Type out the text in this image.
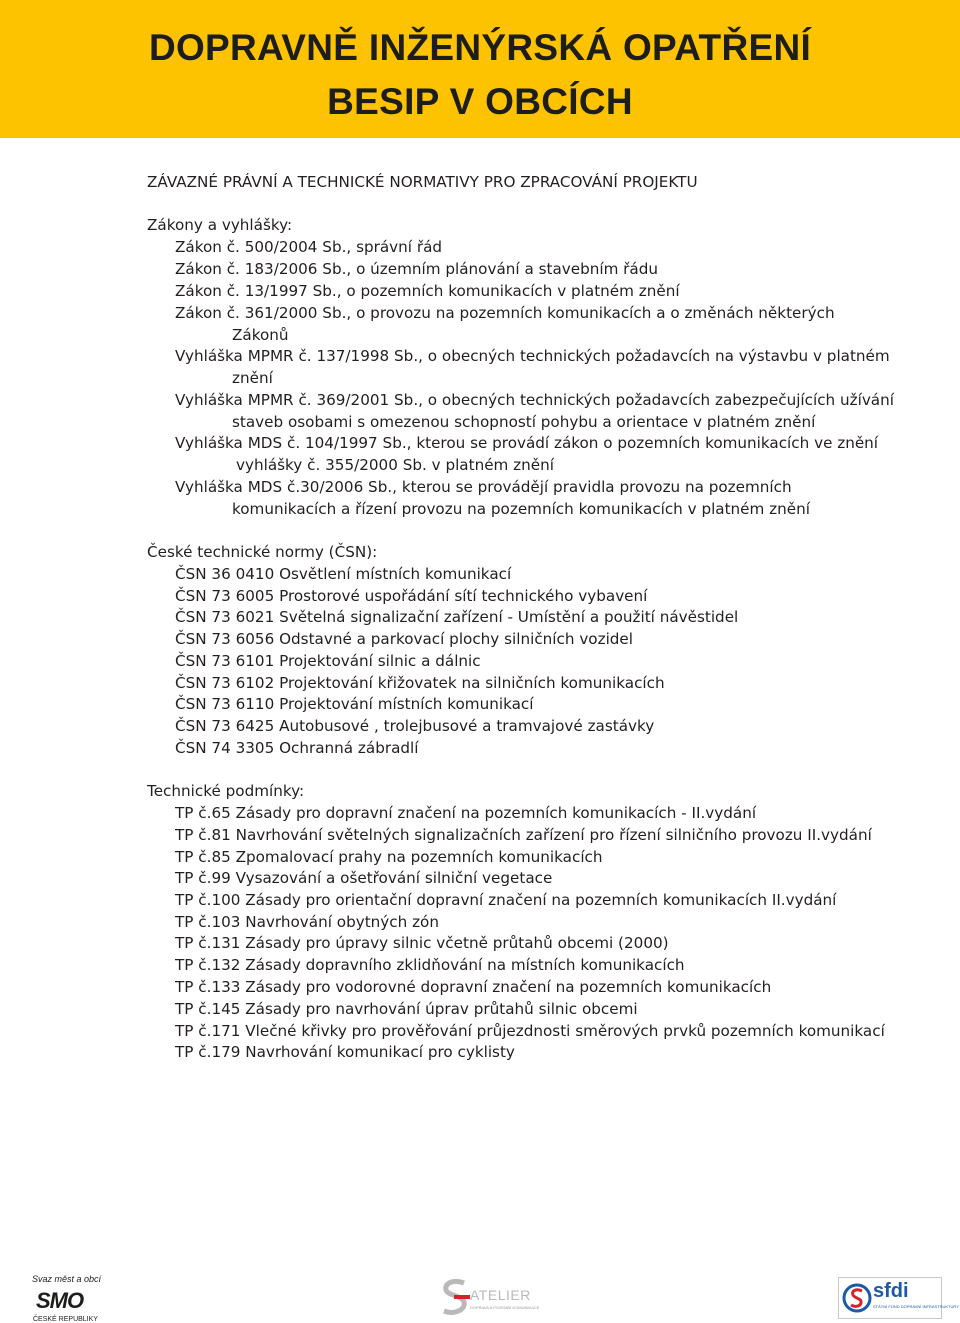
DOPRAVNĚ INŽENÝRSKÁ OPATŘENÍ
BESIP V OBCÍCH
ZÁVAZNÉ PRÁVNÍ A TECHNICKÉ NORMATIVY PRO ZPRACOVÁNÍ PROJEKTU
Zákony a vyhlášky:
Zákon č. 500/2004 Sb., správní řád
Zákon č. 183/2006 Sb., o územním plánování a stavebním řádu
Zákon č. 13/1997 Sb., o pozemních komunikacích v platném znění
Zákon č. 361/2000 Sb., o provozu na pozemních komunikacích a o změnách některých
Zákonů
Vyhláška MPMR č. 137/1998 Sb., o obecných technických požadavcích na výstavbu v platném
znění
Vyhláška MPMR č. 369/2001 Sb., o obecných technických požadavcích zabezpečujících užívání
staveb osobami s omezenou schopností pohybu a orientace v platném znění
Vyhláška MDS č. 104/1997 Sb., kterou se provádí zákon o pozemních komunikacích ve znění
vyhlášky č. 355/2000 Sb. v platném znění
Vyhláška MDS č.30/2006 Sb., kterou se provádějí pravidla provozu na pozemních
komunikacích a řízení provozu na pozemních komunikacích v platném znění
České technické normy (ČSN):
ČSN 36 0410 Osvětlení místních komunikací
ČSN 73 6005 Prostorové uspořádání sítí technického vybavení
ČSN 73 6021 Světelná signalizační zařízení - Umístění a použití návěstidel
ČSN 73 6056 Odstavné a parkovací plochy silničních vozidel
ČSN 73 6101 Projektování silnic a dálnic
ČSN 73 6102 Projektování křižovatek na silničních komunikacích
ČSN 73 6110 Projektování místních komunikací
ČSN 73 6425 Autobusové , trolejbusové a tramvajové zastávky
ČSN 74 3305 Ochranná zábradlí
Technické podmínky:
TP č.65 Zásady pro dopravní značení na pozemních komunikacích - II.vydání
TP č.81 Navrhování světelných signalizačních zařízení pro řízení silničního provozu II.vydání
TP č.85 Zpomalovací prahy na pozemních komunikacích
TP č.99 Vysazování a ošetřování silniční vegetace
TP č.100 Zásady pro orientační dopravní značení na pozemních komunikacích II.vydání
TP č.103 Navrhování obytných zón
TP č.131 Zásady pro úpravy silnic včetně průtahů obcemi (2000)
TP č.132 Zásady dopravního zklidňování na místních komunikacích
TP č.133 Zásady pro vodorovné dopravní značení na pozemních komunikacích
TP č.145 Zásady pro navrhování úprav průtahů silnic obcemi
TP č.171 Vlečné křivky pro prověřování průjezdnosti směrových prvků pozemních komunikací
TP č.179 Navrhování komunikací pro cyklisty
Svaz měst a obcí
SMO
ČESKÉ REPUBLIKY
ATELIER
DOPRAVA A POZEMNÍ KOMUNIKACE
sfdi
STÁTNÍ FOND DOPRAVNÍ INFRASTRUKTURY
